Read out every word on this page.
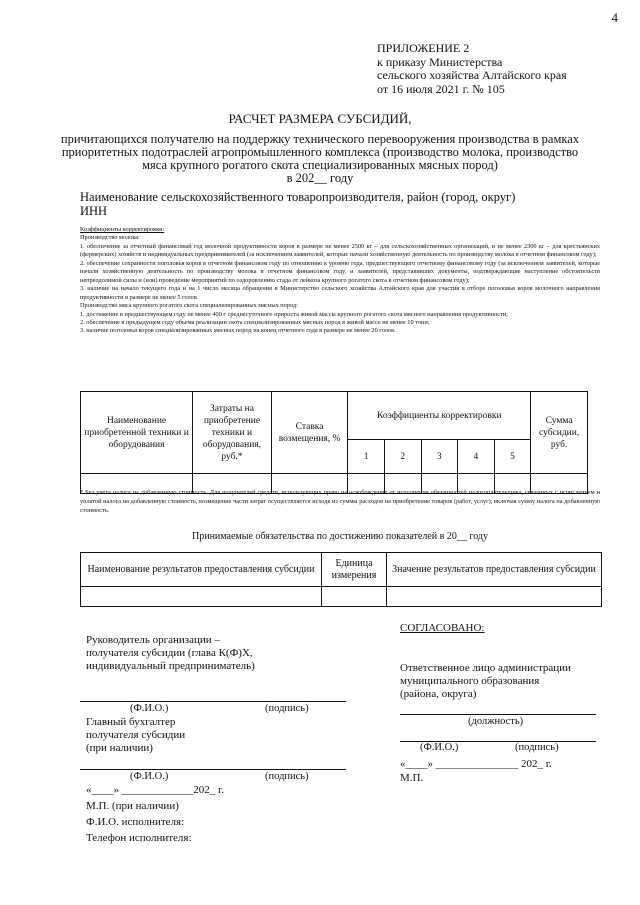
4
ПРИЛОЖЕНИЕ 2
к приказу Министерства
сельского хозяйства Алтайского края
от 16 июля 2021 г. № 105
РАСЧЕТ РАЗМЕРА СУБСИДИЙ,
причитающихся получателю на поддержку технического перевооружения производства в рамках
приоритетных подотраслей агропромышленного комплекса (производство молока, производство
мяса крупного рогатого скота специализированных мясных пород)
в 202__ году
Наименование сельскохозяйственного товаропроизводителя, район (город, округ)
ИНН
Коэффициенты корректировки:
Производство молока:
1. обеспечение за отчетный финансовый год молочной продуктивности коров в размере не менее 2500 кг – для сельскохозяйственных организаций, и не менее 2300 кг – для крестьянских (фермерских) хозяйств и индивидуальных предпринимателей (за исключением заявителей, которые начали хозяйственную деятельность по производству молока в отчетном финансовом году);
2. обеспечение сохранности поголовья коров в отчетном финансовом году по отношению к уровню года, предшествующего отчетному финансовому году (за исключением заявителей, которые начали хозяйственную деятельность по производству молока в отчетном финансовом году, и заявителей, представивших документы, подтверждающие наступление обстоятельств непреодолимой силы и (или) проведение мероприятий по оздоровлению стада от лейкоза крупного рогатого скота в отчетном финансовом году);
3. наличие на начало текущего года и на 1 число месяца обращения в Министерство сельского хозяйства Алтайского края для участия в отборе поголовья коров молочного направления продуктивности в размере не менее 5 голов.
Производство мяса крупного рогатого скота специализированных мясных пород:
1. достижение в предшествующем году не менее 400 г среднесуточного прироста живой массы крупного рогатого скота мясного направления продуктивности;
2. обеспечение в предыдущем году объема реализации скота специализированных мясных пород в живой массе не менее 10 тонн;
3. наличие поголовья коров специализированных мясных пород на конец отчетного года в размере не менее 20 голов.
Наименование приобретенной техники и оборудования	Затраты на приобретение техники и оборудования, руб.*	Ставка возмещения, %	Коэффициенты корректировки					Сумма субсидии, руб.
			1	2	3	4	5	

* Без учета налога на добавленную стоимость. Для получателей средств, использующих право на освобождение от исполнения обязанностей налогоплательщика, связанных с исчислением и уплатой налога на добавленную стоимость, возмещение части затрат осуществляется исходя из суммы расходов на приобретение товаров (работ, услуг), включая сумму налога на добавленную стоимость.
Принимаемые обязательства по достижению показателей в 20__ году
Наименование результатов предоставления субсидии	Единица измерения	Значение результатов предоставления субсидии

Руководитель организации –
получателя субсидии (глава К(Ф)Х,
индивидуальный предприниматель)
(Ф.И.О.)	(подпись)
Главный бухгалтер
получателя субсидии
(при наличии)
(Ф.И.О.)	(подпись)
«____» _____________202_ г.
М.П. (при наличии)
Ф.И.О. исполнителя:
Телефон исполнителя:
СОГЛАСОВАНО:
Ответственное лицо администрации
муниципального образования
(района, округа)
(должность)
(Ф.И.О.)	(подпись)
«____» _______________ 202_ г.
М.П.
